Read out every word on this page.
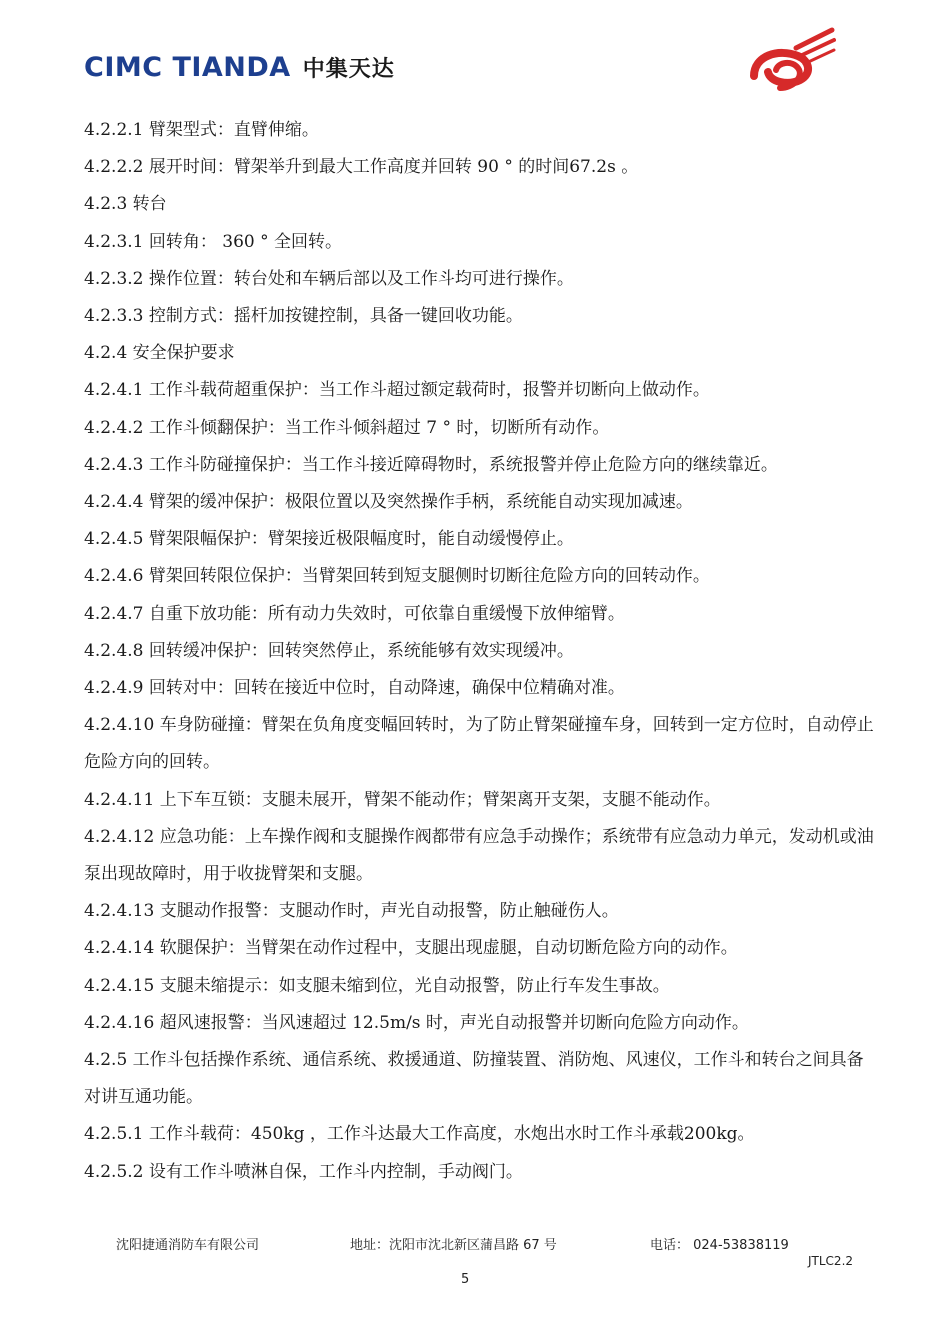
CIMC TIANDA 中集天达

4.2.2.1 臂架型式：直臂伸缩。

4.2.2.2 展开时间：臂架举升到最大工作高度并回转 90 ° 的时间67.2s 。

4.2.3 转台

4.2.3.1 回转角： 360 ° 全回转。

4.2.3.2 操作位置：转台处和车辆后部以及工作斗均可进行操作。

4.2.3.3 控制方式：摇杆加按键控制，具备一键回收功能。

4.2.4 安全保护要求

4.2.4.1 工作斗载荷超重保护：当工作斗超过额定载荷时，报警并切断向上做动作。

4.2.4.2 工作斗倾翻保护：当工作斗倾斜超过 7 ° 时，切断所有动作。

4.2.4.3 工作斗防碰撞保护：当工作斗接近障碍物时，系统报警并停止危险方向的继续靠近。

4.2.4.4 臂架的缓冲保护：极限位置以及突然操作手柄，系统能自动实现加减速。

4.2.4.5 臂架限幅保护：臂架接近极限幅度时，能自动缓慢停止。

4.2.4.6 臂架回转限位保护：当臂架回转到短支腿侧时切断往危险方向的回转动作。

4.2.4.7 自重下放功能：所有动力失效时，可依靠自重缓慢下放伸缩臂。

4.2.4.8 回转缓冲保护：回转突然停止，系统能够有效实现缓冲。

4.2.4.9 回转对中：回转在接近中位时，自动降速，确保中位精确对准。

4.2.4.10 车身防碰撞：臂架在负角度变幅回转时，为了防止臂架碰撞车身，回转到一定方位时，自动停止危险方向的回转。

4.2.4.11 上下车互锁：支腿未展开，臂架不能动作；臂架离开支架，支腿不能动作。

4.2.4.12 应急功能：上车操作阀和支腿操作阀都带有应急手动操作；系统带有应急动力单元，发动机或油泵出现故障时，用于收拢臂架和支腿。

4.2.4.13 支腿动作报警：支腿动作时，声光自动报警，防止触碰伤人。

4.2.4.14 软腿保护：当臂架在动作过程中，支腿出现虚腿，自动切断危险方向的动作。

4.2.4.15 支腿未缩提示：如支腿未缩到位，光自动报警，防止行车发生事故。

4.2.4.16 超风速报警：当风速超过 12.5m/s 时，声光自动报警并切断向危险方向动作。

4.2.5 工作斗包括操作系统、通信系统、救援通道、防撞装置、消防炮、风速仪，工作斗和转台之间具备对讲互通功能。

4.2.5.1 工作斗载荷：450kg ，工作斗达最大工作高度，水炮出水时工作斗承载200kg。

4.2.5.2 设有工作斗喷淋自保，工作斗内控制，手动阀门。

沈阳捷通消防车有限公司	地址：沈阳市沈北新区蒲昌路 67 号	电话： 024-53838119
JTLC2.2
5
